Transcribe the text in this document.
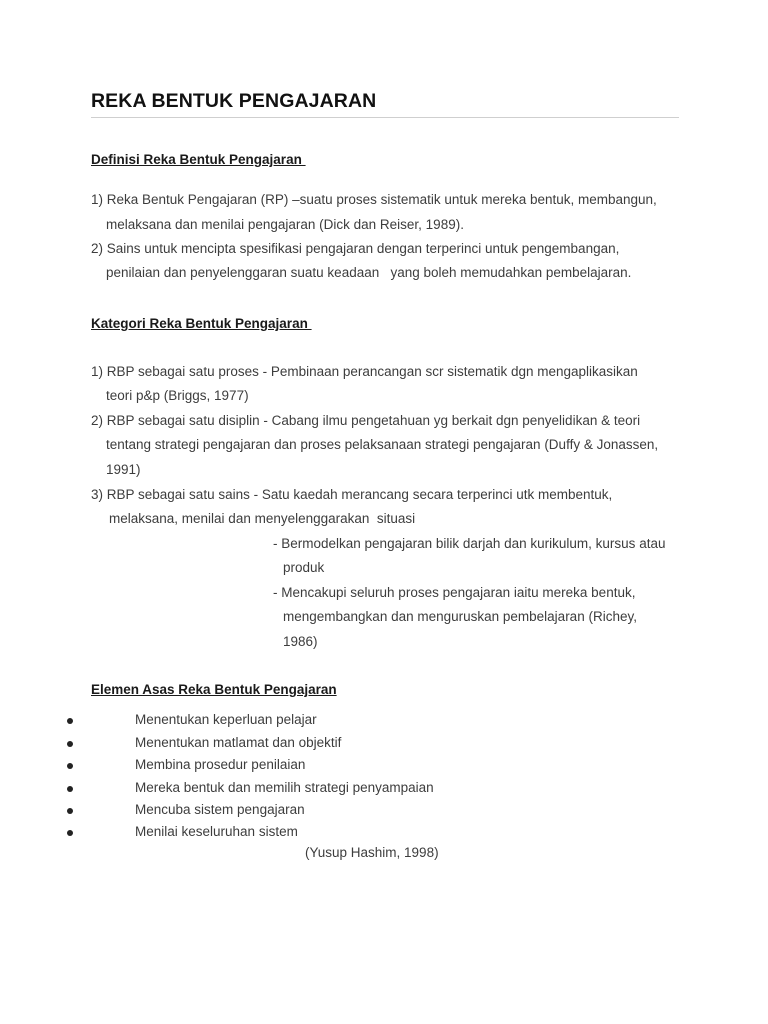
REKA BENTUK PENGAJARAN
Definisi Reka Bentuk Pengajaran
1) Reka Bentuk Pengajaran (RP) –suatu proses sistematik untuk mereka bentuk, membangun,
melaksana dan menilai pengajaran (Dick dan Reiser, 1989).
2) Sains untuk mencipta spesifikasi pengajaran dengan terperinci untuk pengembangan,
penilaian dan penyelenggaran suatu keadaan   yang boleh memudahkan pembelajaran.
Kategori Reka Bentuk Pengajaran
1) RBP sebagai satu proses - Pembinaan perancangan scr sistematik dgn mengaplikasikan
teori p&p (Briggs, 1977)
2) RBP sebagai satu disiplin - Cabang ilmu pengetahuan yg berkait dgn penyelidikan & teori
tentang strategi pengajaran dan proses pelaksanaan strategi pengajaran (Duffy & Jonassen,
1991)
3) RBP sebagai satu sains - Satu kaedah merancang secara terperinci utk membentuk,
melaksana, menilai dan menyelenggarakan  situasi
- Bermodelkan pengajaran bilik darjah dan kurikulum, kursus atau
produk
- Mencakupi seluruh proses pengajaran iaitu mereka bentuk,
mengembangkan dan menguruskan pembelajaran (Richey,
1986)
Elemen Asas Reka Bentuk Pengajaran
Menentukan keperluan pelajar
Menentukan matlamat dan objektif
Membina prosedur penilaian
Mereka bentuk dan memilih strategi penyampaian
Mencuba sistem pengajaran
Menilai keseluruhan sistem
(Yusup Hashim, 1998)
